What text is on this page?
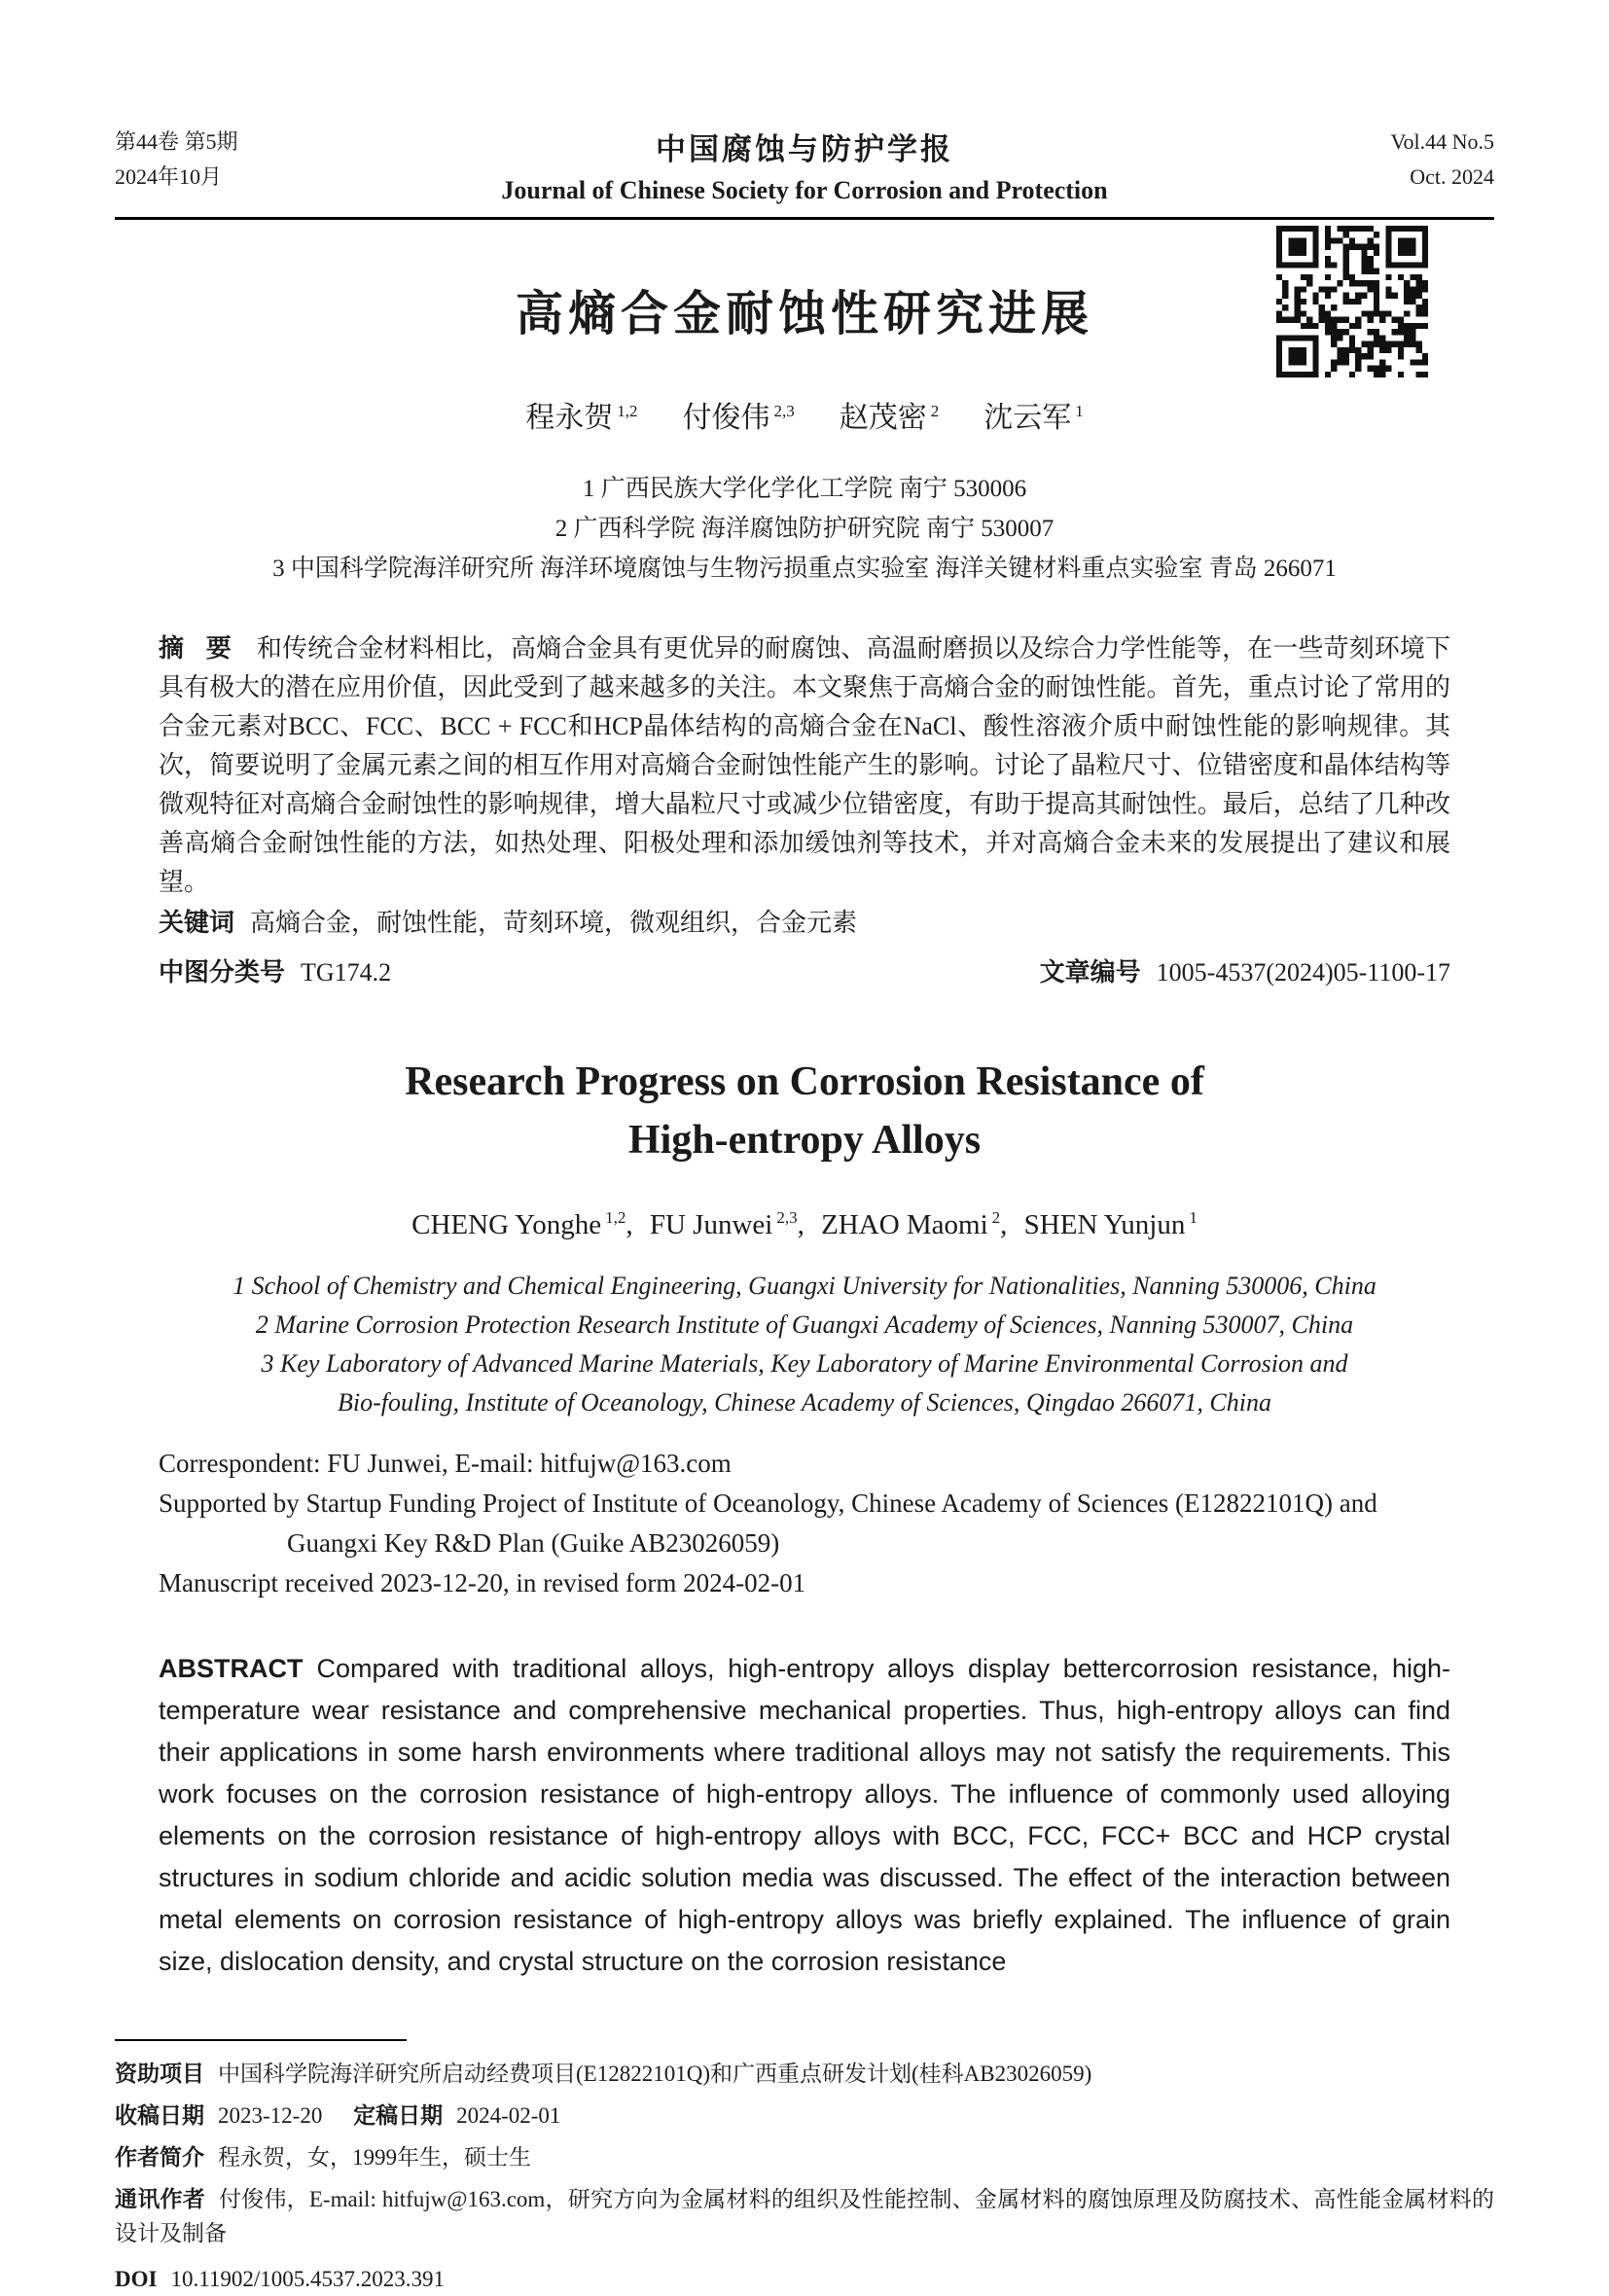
第44卷 第5期
2024年10月
中国腐蚀与防护学报
Journal of Chinese Society for Corrosion and Protection
Vol.44 No.5
Oct. 2024
高熵合金耐蚀性研究进展
程永贺 $^{1,2}$ 付俊伟 $^{2,3}$ 赵茂密 $^2$ 沈云军 $^1$
1 广西民族大学化学化工学院 南宁 530006
2 广西科学院 海洋腐蚀防护研究院 南宁 530007
3 中国科学院海洋研究所 海洋环境腐蚀与生物污损重点实验室 海洋关键材料重点实验室 青岛 266071

摘 要 和传统合金材料相比，高熵合金具有更优异的耐腐蚀、高温耐磨损以及综合力学性能等，在一些苛刻环境下具有极大的潜在应用价值，因此受到了越来越多的关注。本文聚焦于高熵合金的耐蚀性能。首先，重点讨论了常用的合金元素对BCC、FCC、BCC + FCC和HCP晶体结构的高熵合金在NaCl、酸性溶液介质中耐蚀性能的影响规律。其次，简要说明了金属元素之间的相互作用对高熵合金耐蚀性能产生的影响。讨论了晶粒尺寸、位错密度和晶体结构等微观特征对高熵合金耐蚀性的影响规律，增大晶粒尺寸或减少位错密度，有助于提高其耐蚀性。最后，总结了几种改善高熵合金耐蚀性能的方法，如热处理、阳极处理和添加缓蚀剂等技术，并对高熵合金未来的发展提出了建议和展望。

关键词 高熵合金，耐蚀性能，苛刻环境，微观组织，合金元素

中图分类号 TG174.2	文章编号 1005-4537(2024)05-1100-17
Research Progress on Corrosion Resistance of
High-entropy Alloys
CHENG Yonghe $^{1,2}$, FU Junwei $^{2,3}$, ZHAO Maomi $^2$, SHEN Yunjun $^1$
1 School of Chemistry and Chemical Engineering, Guangxi University for Nationalities, Nanning 530006, China
2 Marine Corrosion Protection Research Institute of Guangxi Academy of Sciences, Nanning 530007, China
3 Key Laboratory of Advanced Marine Materials, Key Laboratory of Marine Environmental Corrosion and
Bio-fouling, Institute of Oceanology, Chinese Academy of Sciences, Qingdao 266071, China
Correspondent: FU Junwei, E-mail: hitfujw@163.com
Supported by Startup Funding Project of Institute of Oceanology, Chinese Academy of Sciences (E12822101Q) and
Guangxi Key R&D Plan (Guike AB23026059)
Manuscript received 2023-12-20, in revised form 2024-02-01

ABSTRACT Compared with traditional alloys, high-entropy alloys display bettercorrosion resistance, high-temperature wear resistance and comprehensive mechanical properties. Thus, high-entropy alloys can find their applications in some harsh environments where traditional alloys may not satisfy the requirements. This work focuses on the corrosion resistance of high-entropy alloys. The influence of commonly used alloying elements on the corrosion resistance of high-entropy alloys with BCC, FCC, FCC+ BCC and HCP crystal structures in sodium chloride and acidic solution media was discussed. The effect of the interaction between metal elements on corrosion resistance of high-entropy alloys was briefly explained. The influence of grain size, dislocation density, and crystal structure on the corrosion resistance

资助项目 中国科学院海洋研究所启动经费项目(E12822101Q)和广西重点研发计划(桂科AB23026059)

收稿日期 2023-12-20 定稿日期 2024-02-01

作者简介 程永贺，女，1999年生，硕士生

通讯作者 付俊伟，E-mail: hitfujw@163.com，研究方向为金属材料的组织及性能控制、金属材料的腐蚀原理及防腐技术、高性能金属材料的设计及制备

DOI 10.11902/1005.4537.2023.391
